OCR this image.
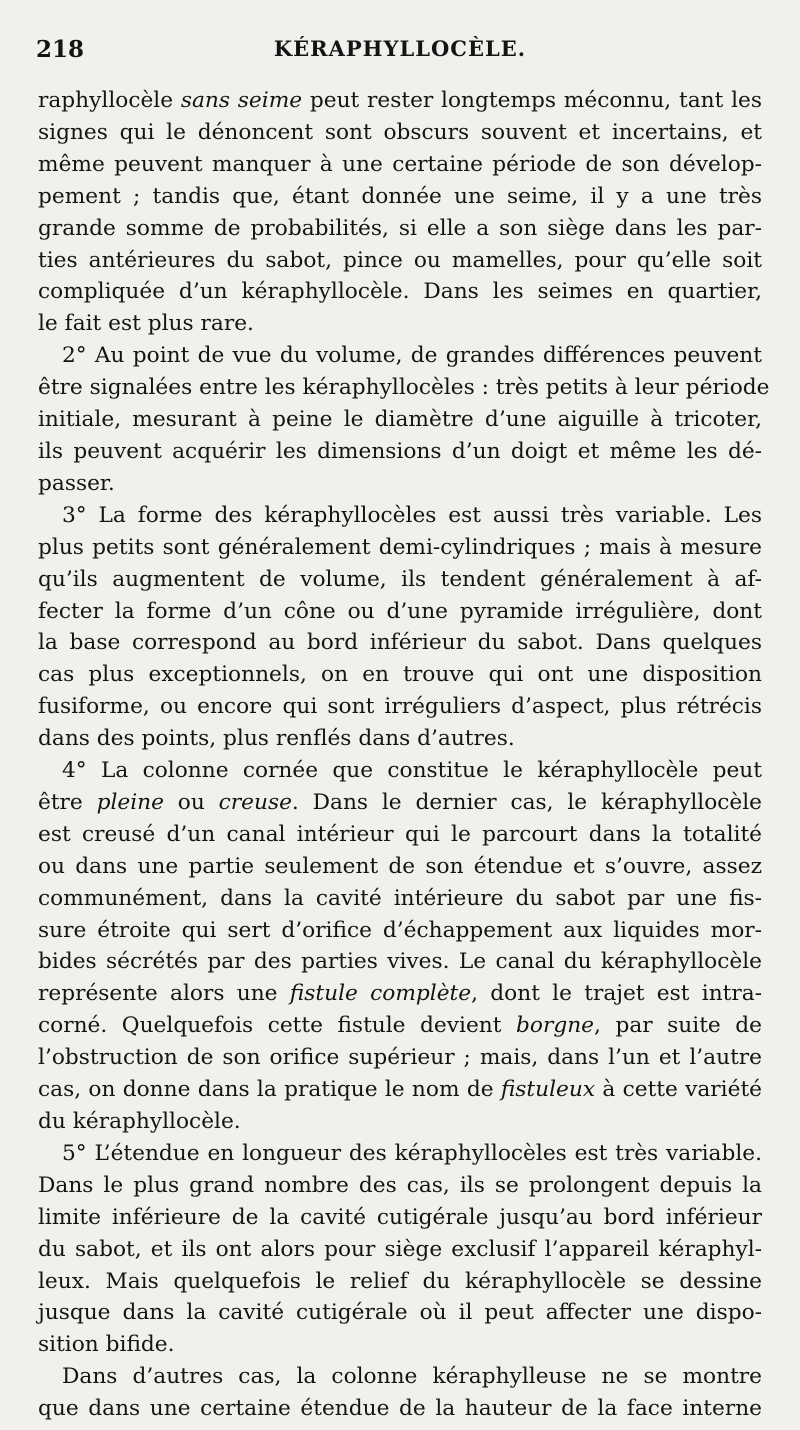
218	KÉRAPHYLLOCÈLE.
raphyllocèle sans seime peut rester longtemps méconnu, tant les
signes qui le dénoncent sont obscurs souvent et incertains, et
même peuvent manquer à une certaine période de son dévelop-
pement ; tandis que, étant donnée une seime, il y a une très
grande somme de probabilités, si elle a son siège dans les par-
ties antérieures du sabot, pince ou mamelles, pour qu’elle soit
compliquée d’un kéraphyllocèle. Dans les seimes en quartier,
le fait est plus rare.
2° Au point de vue du volume, de grandes différences peuvent
être signalées entre les kéraphyllocèles : très petits à leur période
initiale, mesurant à peine le diamètre d’une aiguille à tricoter,
ils peuvent acquérir les dimensions d’un doigt et même les dé-
passer.
3° La forme des kéraphyllocèles est aussi très variable. Les
plus petits sont généralement demi-cylindriques ; mais à mesure
qu’ils augmentent de volume, ils tendent généralement à af-
fecter la forme d’un cône ou d’une pyramide irrégulière, dont
la base correspond au bord inférieur du sabot. Dans quelques
cas plus exceptionnels, on en trouve qui ont une disposition
fusiforme, ou encore qui sont irréguliers d’aspect, plus rétrécis
dans des points, plus renflés dans d’autres.
4° La colonne cornée que constitue le kéraphyllocèle peut
être pleine ou creuse. Dans le dernier cas, le kéraphyllocèle
est creusé d’un canal intérieur qui le parcourt dans la totalité
ou dans une partie seulement de son étendue et s’ouvre, assez
communément, dans la cavité intérieure du sabot par une fis-
sure étroite qui sert d’orifice d’échappement aux liquides mor-
bides sécrétés par des parties vives. Le canal du kéraphyllocèle
représente alors une fistule complète, dont le trajet est intra-
corné. Quelquefois cette fistule devient borgne, par suite de
l’obstruction de son orifice supérieur ; mais, dans l’un et l’autre
cas, on donne dans la pratique le nom de fistuleux à cette variété
du kéraphyllocèle.
5° L’étendue en longueur des kéraphyllocèles est très variable.
Dans le plus grand nombre des cas, ils se prolongent depuis la
limite inférieure de la cavité cutigérale jusqu’au bord inférieur
du sabot, et ils ont alors pour siège exclusif l’appareil kéraphyl-
leux. Mais quelquefois le relief du kéraphyllocèle se dessine
jusque dans la cavité cutigérale où il peut affecter une dispo-
sition bifide.
Dans d’autres cas, la colonne kéraphylleuse ne se montre
que dans une certaine étendue de la hauteur de la face interne
